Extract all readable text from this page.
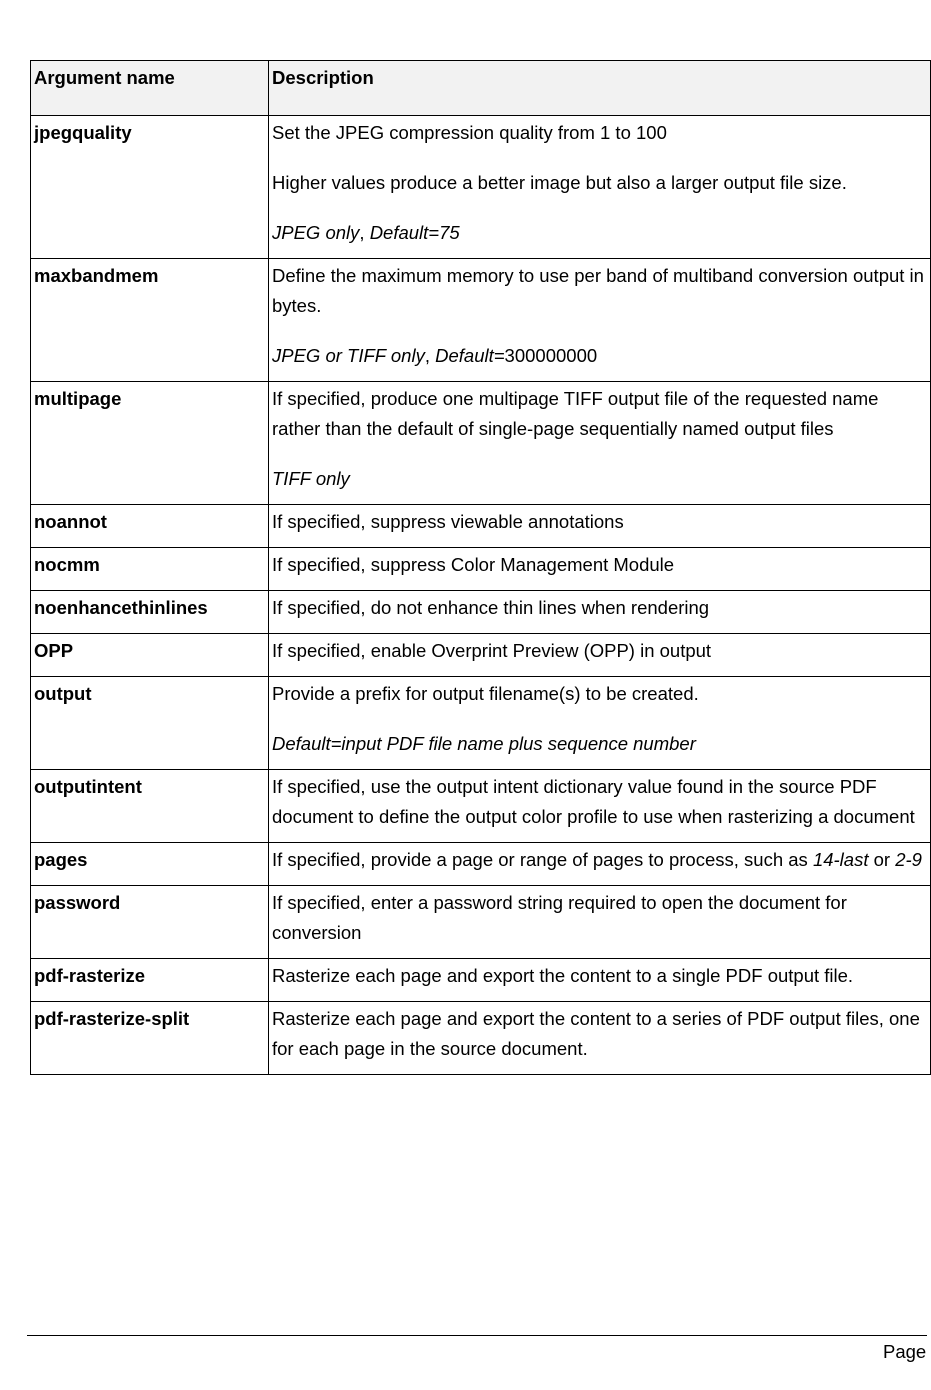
Argument name	Description
jpegquality	Set the JPEG compression quality from 1 to 100

Higher values produce a better image but also a larger output file size.

JPEG only, Default=75

maxbandmem	Define the maximum memory to use per band of multiband conversion output in bytes.

JPEG or TIFF only, Default=300000000

multipage	If specified, produce one multipage TIFF output file of the requested name rather than the default of single-page sequentially named output files

TIFF only

noannot	If specified, suppress viewable annotations

nocmm	If specified, suppress Color Management Module

noenhancethinlines	If specified, do not enhance thin lines when rendering

OPP	If specified, enable Overprint Preview (OPP) in output

output	Provide a prefix for output filename(s) to be created.

Default=input PDF file name plus sequence number

outputintent	If specified, use the output intent dictionary value found in the source PDF document to define the output color profile to use when rasterizing a document

pages	If specified, provide a page or range of pages to process, such as 14-last or 2-9

password	If specified, enter a password string required to open the document for conversion

pdf-rasterize	Rasterize each page and export the content to a single PDF output file.

pdf-rasterize-split	Rasterize each page and export the content to a series of PDF output files, one for each page in the source document.

Page
